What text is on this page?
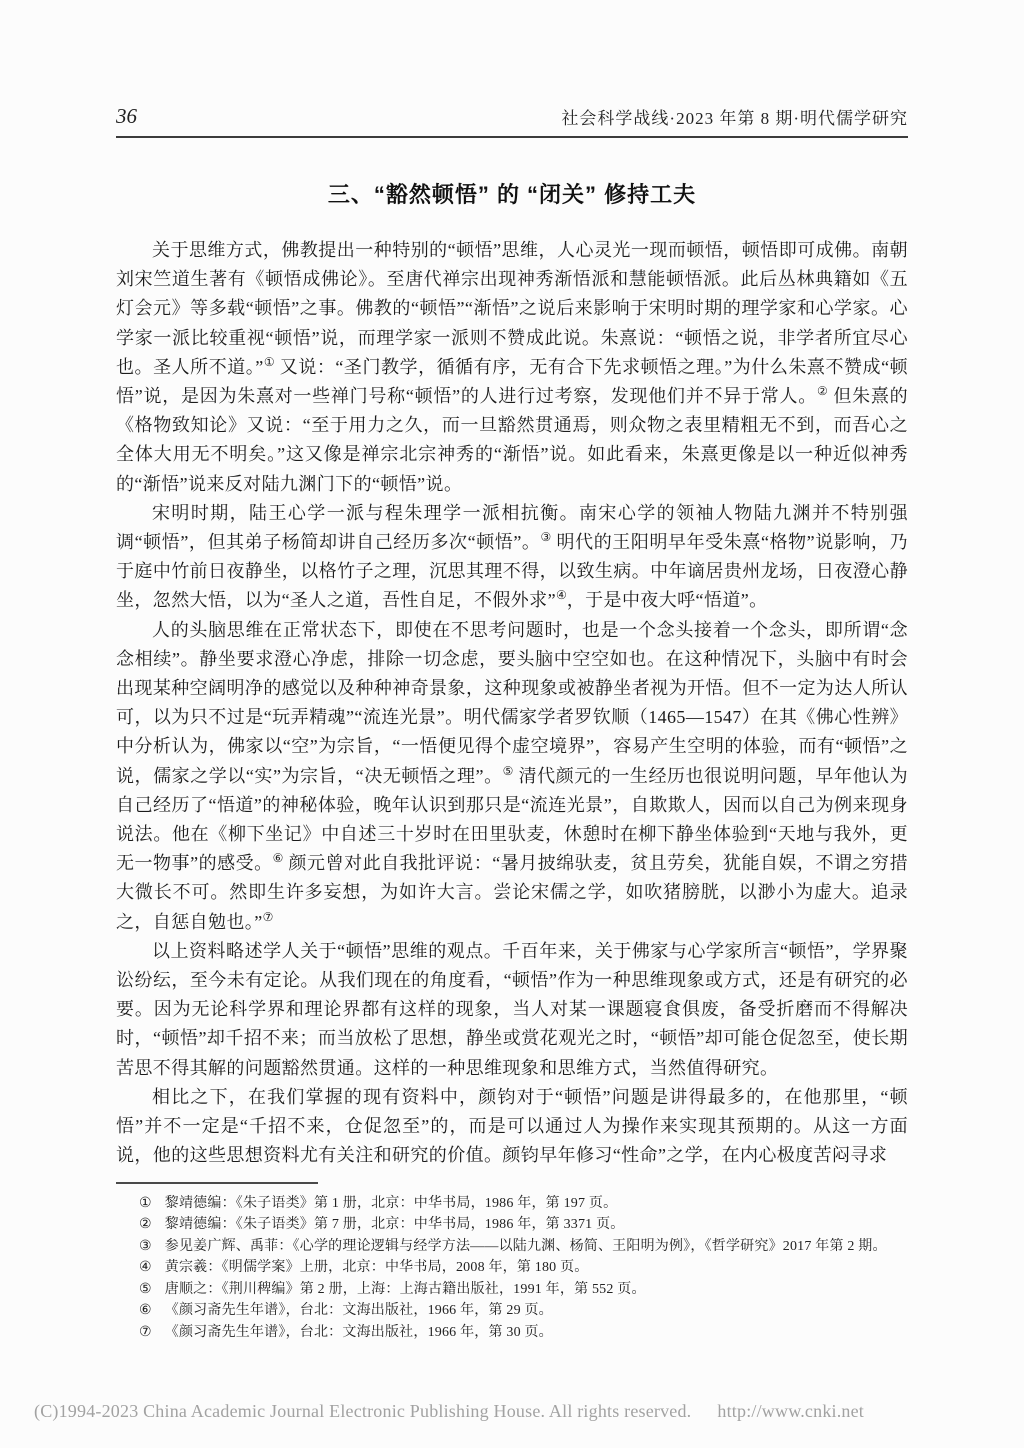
36	社会科学战线·2023 年第 8 期·明代儒学研究
三、“豁然顿悟” 的 “闭关” 修持工夫

关于思维方式，佛教提出一种特别的“顿悟”思维，人心灵光一现而顿悟，顿悟即可成佛。南朝刘宋竺道生著有《顿悟成佛论》。至唐代禅宗出现神秀渐悟派和慧能顿悟派。此后丛林典籍如《五灯会元》等多载“顿悟”之事。佛教的“顿悟”“渐悟”之说后来影响于宋明时期的理学家和心学家。心学家一派比较重视“顿悟”说，而理学家一派则不赞成此说。朱熹说：“顿悟之说，非学者所宜尽心也。圣人所不道。”① 又说：“圣门教学，循循有序，无有合下先求顿悟之理。”为什么朱熹不赞成“顿悟”说，是因为朱熹对一些禅门号称“顿悟”的人进行过考察，发现他们并不异于常人。② 但朱熹的《格物致知论》又说：“至于用力之久，而一旦豁然贯通焉，则众物之表里精粗无不到，而吾心之全体大用无不明矣。”这又像是禅宗北宗神秀的“渐悟”说。如此看来，朱熹更像是以一种近似神秀的“渐悟”说来反对陆九渊门下的“顿悟”说。

宋明时期，陆王心学一派与程朱理学一派相抗衡。南宋心学的领袖人物陆九渊并不特别强调“顿悟”，但其弟子杨简却讲自己经历多次“顿悟”。③ 明代的王阳明早年受朱熹“格物”说影响，乃于庭中竹前日夜静坐，以格竹子之理，沉思其理不得，以致生病。中年谪居贵州龙场，日夜澄心静坐，忽然大悟，以为“圣人之道，吾性自足，不假外求”④，于是中夜大呼“悟道”。

人的头脑思维在正常状态下，即使在不思考问题时，也是一个念头接着一个念头，即所谓“念念相续”。静坐要求澄心净虑，排除一切念虑，要头脑中空空如也。在这种情况下，头脑中有时会出现某种空阔明净的感觉以及种种神奇景象，这种现象或被静坐者视为开悟。但不一定为达人所认可，以为只不过是“玩弄精魂”“流连光景”。明代儒家学者罗钦顺（1465—1547）在其《佛心性辨》中分析认为，佛家以“空”为宗旨，“一悟便见得个虚空境界”，容易产生空明的体验，而有“顿悟”之说，儒家之学以“实”为宗旨，“决无顿悟之理”。⑤ 清代颜元的一生经历也很说明问题，早年他认为自己经历了“悟道”的神秘体验，晚年认识到那只是“流连光景”，自欺欺人，因而以自己为例来现身说法。他在《柳下坐记》中自述三十岁时在田里驮麦，休憩时在柳下静坐体验到“天地与我外，更无一物事”的感受。⑥ 颜元曾对此自我批评说：“暑月披绵驮麦，贫且劳矣，犹能自娱，不谓之穷措大微长不可。然即生许多妄想，为如许大言。尝论宋儒之学，如吹猪膀胱，以渺小为虚大。追录之，自惩自勉也。”⑦

以上资料略述学人关于“顿悟”思维的观点。千百年来，关于佛家与心学家所言“顿悟”，学界聚讼纷纭，至今未有定论。从我们现在的角度看，“顿悟”作为一种思维现象或方式，还是有研究的必要。因为无论科学界和理论界都有这样的现象，当人对某一课题寝食俱废，备受折磨而不得解决时，“顿悟”却千招不来；而当放松了思想，静坐或赏花观光之时，“顿悟”却可能仓促忽至，使长期苦思不得其解的问题豁然贯通。这样的一种思维现象和思维方式，当然值得研究。

相比之下，在我们掌握的现有资料中，颜钧对于“顿悟”问题是讲得最多的，在他那里，“顿悟”并不一定是“千招不来，仓促忽至”的，而是可以通过人为操作来实现其预期的。从这一方面说，他的这些思想资料尤有关注和研究的价值。颜钧早年修习“性命”之学，在内心极度苦闷寻求

① 黎靖德编：《朱子语类》第 1 册，北京：中华书局，1986 年，第 197 页。
② 黎靖德编：《朱子语类》第 7 册，北京：中华书局，1986 年，第 3371 页。
③ 参见姜广辉、禹菲：《心学的理论逻辑与经学方法——以陆九渊、杨简、王阳明为例》，《哲学研究》2017 年第 2 期。
④ 黄宗羲：《明儒学案》上册，北京：中华书局，2008 年，第 180 页。
⑤ 唐顺之：《荆川稗编》第 2 册，上海：上海古籍出版社，1991 年，第 552 页。
⑥ 《颜习斋先生年谱》，台北：文海出版社，1966 年，第 29 页。
⑦ 《颜习斋先生年谱》，台北：文海出版社，1966 年，第 30 页。
(C)1994-2023 China Academic Journal Electronic Publishing House. All rights reserved. http://www.cnki.net
